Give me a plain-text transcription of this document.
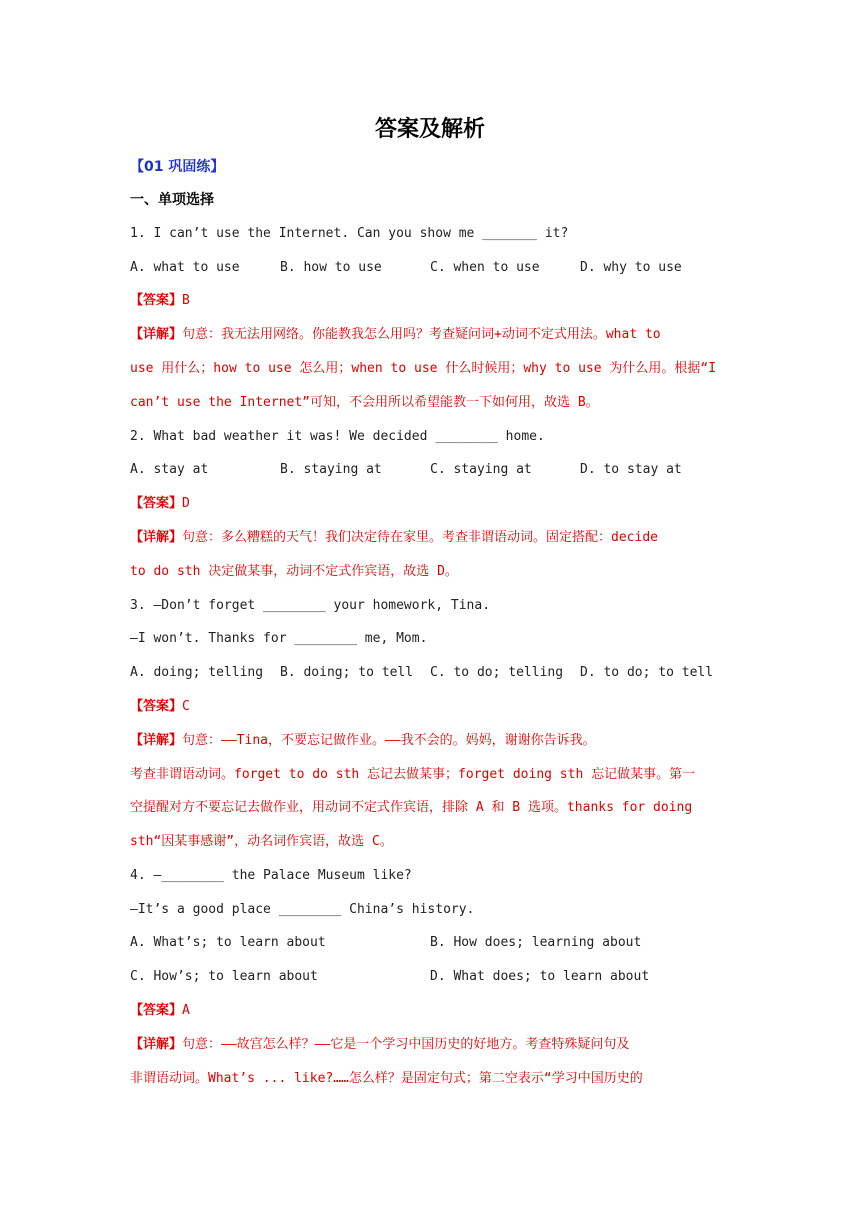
答案及解析
【01 巩固练】
一、单项选择
1. I can’t use the Internet. Can you show me _______ it?
A. what to use	B. how to use	C. when to use	D. why to use
【答案】B
【详解】句意：我无法用网络。你能教我怎么用吗？考查疑问词+动词不定式用法。what to
use 用什么；how to use 怎么用；when to use 什么时候用；why to use 为什么用。根据“I
can’t use the Internet”可知，不会用所以希望能教一下如何用，故选 B。
2. What bad weather it was! We decided ________ home.
A. stay at	B. staying at	C. staying at	D. to stay at
【答案】D
【详解】句意：多么糟糕的天气！我们决定待在家里。考查非谓语动词。固定搭配：decide
to do sth 决定做某事，动词不定式作宾语，故选 D。
3. —Don’t forget ________ your homework, Tina.
—I won’t. Thanks for ________ me, Mom.
A. doing; telling B. doing; to tell C. to do; telling D. to do; to tell
【答案】C
【详解】句意：——Tina，不要忘记做作业。——我不会的。妈妈，谢谢你告诉我。
考查非谓语动词。forget to do sth 忘记去做某事；forget doing sth 忘记做某事。第一
空提醒对方不要忘记去做作业，用动词不定式作宾语，排除 A 和 B 选项。thanks for doing
sth“因某事感谢”，动名词作宾语，故选 C。
4. —________ the Palace Museum like?
—It’s a good place ________ China’s history.
A. What’s; to learn about	B. How does; learning about
C. How’s; to learn about	D. What does; to learn about
【答案】A
【详解】句意：——故宫怎么样？——它是一个学习中国历史的好地方。考查特殊疑问句及
非谓语动词。What’s ... like?……怎么样？是固定句式；第二空表示“学习中国历史的
